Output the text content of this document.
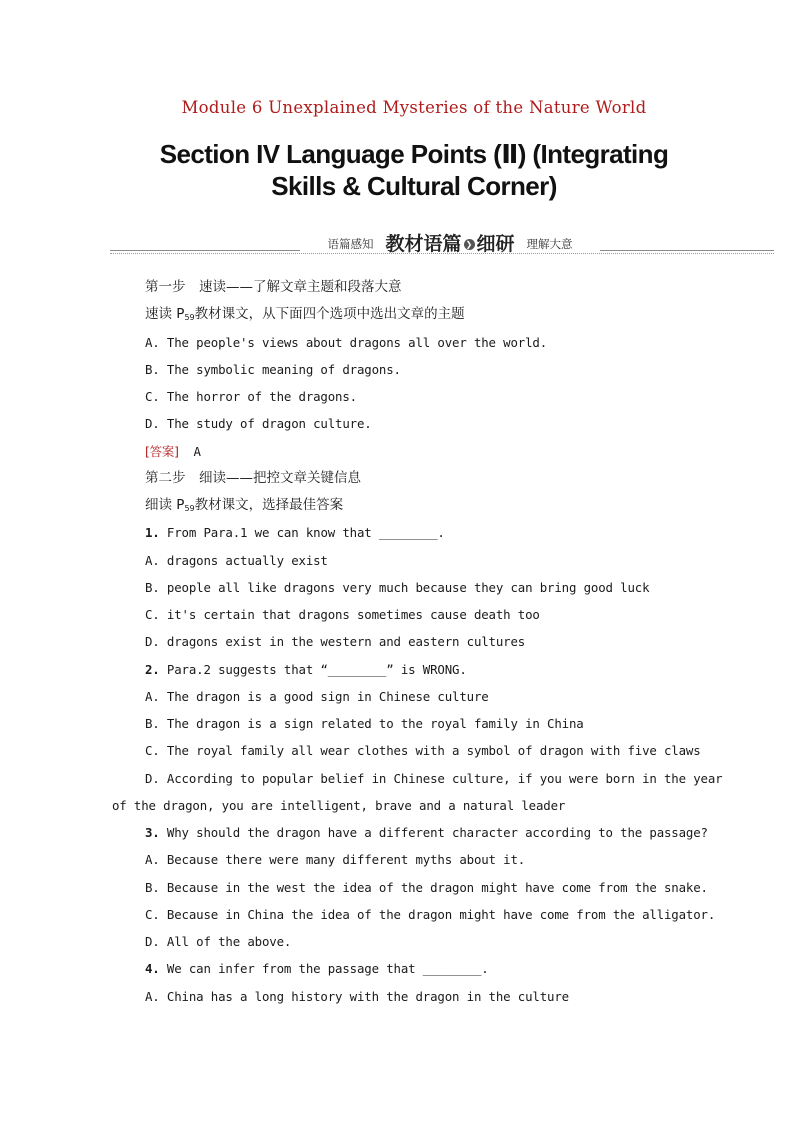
Module 6 Unexplained Mysteries of the Nature World
Section IV Language Points (Ⅱ) (Integrating
Skills & Cultural Corner)
语篇感知 教材语篇 ❯ 细研 理解大意
第一步　速读——了解文章主题和段落大意
速读 $P_{59}$教材课文，从下面四个选项中选出文章的主题
A. The people's views about dragons all over the world.
B. The symbolic meaning of dragons.
C. The horror of the dragons.
D. The study of dragon culture.
[答案] A
第二步　细读——把控文章关键信息
细读 $P_{59}$教材课文，选择最佳答案
1. From Para.1 we can know that ________.
A. dragons actually exist
B. people all like dragons very much because they can bring good luck
C. it's certain that dragons sometimes cause death too
D. dragons exist in the western and eastern cultures
2. Para.2 suggests that “________” is WRONG.
A. The dragon is a good sign in Chinese culture
B. The dragon is a sign related to the royal family in China
C. The royal family all wear clothes with a symbol of dragon with five claws
D. According to popular belief in Chinese culture, if you were born in the year
of the dragon, you are intelligent, brave and a natural leader
3. Why should the dragon have a different character according to the passage?
A. Because there were many different myths about it.
B. Because in the west the idea of the dragon might have come from the snake.
C. Because in China the idea of the dragon might have come from the alligator.
D. All of the above.
4. We can infer from the passage that ________.
A. China has a long history with the dragon in the culture
